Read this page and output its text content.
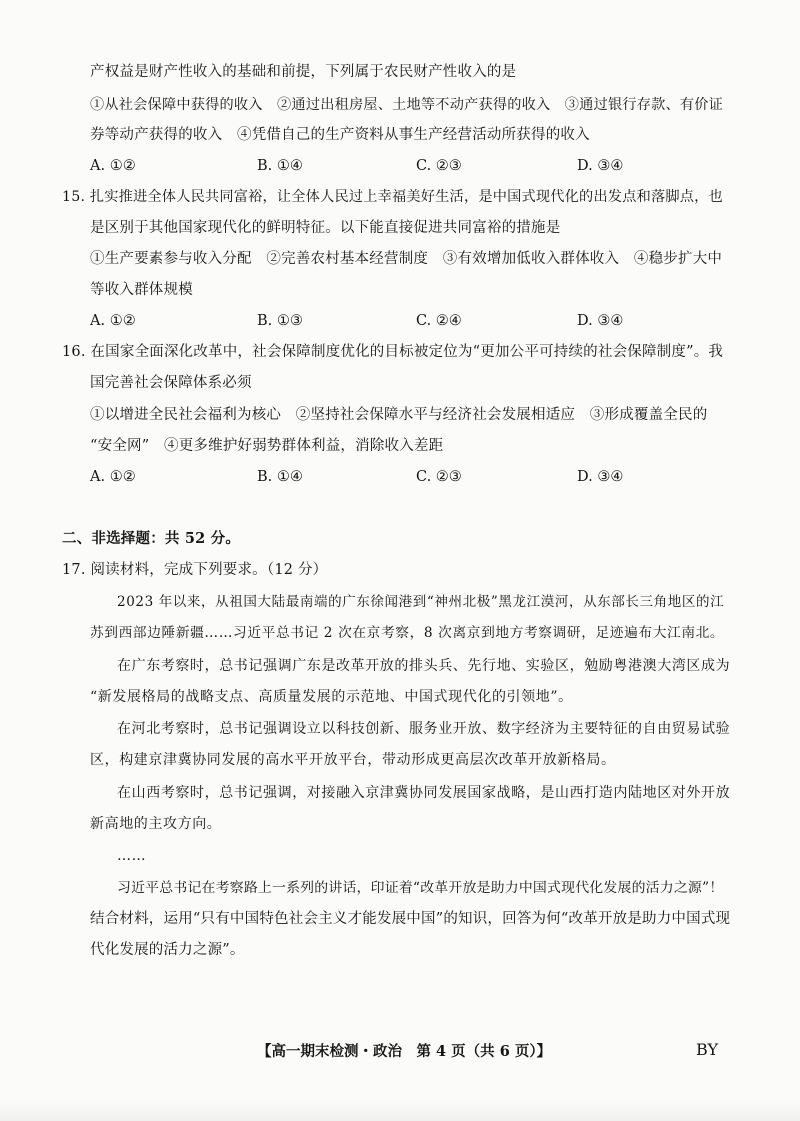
产权益是财产性收入的基础和前提，下列属于农民财产性收入的是
①从社会保障中获得的收入　②通过出租房屋、土地等不动产获得的收入　③通过银行存款、有价证
券等动产获得的收入　④凭借自己的生产资料从事生产经营活动所获得的收入
A. ①②	B. ①④	C. ②③	D. ③④
15. 扎实推进全体人民共同富裕，让全体人民过上幸福美好生活，是中国式现代化的出发点和落脚点，也
是区别于其他国家现代化的鲜明特征。以下能直接促进共同富裕的措施是
①生产要素参与收入分配　②完善农村基本经营制度　③有效增加低收入群体收入　④稳步扩大中
等收入群体规模
A. ①②	B. ①③	C. ②④	D. ③④
16. 在国家全面深化改革中，社会保障制度优化的目标被定位为“更加公平可持续的社会保障制度”。我
国完善社会保障体系必须
①以增进全民社会福利为核心　②坚持社会保障水平与经济社会发展相适应　③形成覆盖全民的
“安全网”　④更多维护好弱势群体利益，消除收入差距
A. ①②	B. ①④	C. ②③	D. ③④
二、非选择题：共 52 分。
17. 阅读材料，完成下列要求。（12 分）
2023 年以来，从祖国大陆最南端的广东徐闻港到“神州北极”黑龙江漠河，从东部长三角地区的江
苏到西部边陲新疆……习近平总书记 2 次在京考察，8 次离京到地方考察调研，足迹遍布大江南北。
在广东考察时，总书记强调广东是改革开放的排头兵、先行地、实验区，勉励粤港澳大湾区成为
“新发展格局的战略支点、高质量发展的示范地、中国式现代化的引领地”。
在河北考察时，总书记强调设立以科技创新、服务业开放、数字经济为主要特征的自由贸易试验
区，构建京津冀协同发展的高水平开放平台，带动形成更高层次改革开放新格局。
在山西考察时，总书记强调，对接融入京津冀协同发展国家战略，是山西打造内陆地区对外开放
新高地的主攻方向。
……
习近平总书记在考察路上一系列的讲话，印证着“改革开放是助力中国式现代化发展的活力之源”！
结合材料，运用“只有中国特色社会主义才能发展中国”的知识，回答为何“改革开放是助力中国式现
代化发展的活力之源”。
【高一期末检测・政治　第 4 页（共 6 页）】	BY
